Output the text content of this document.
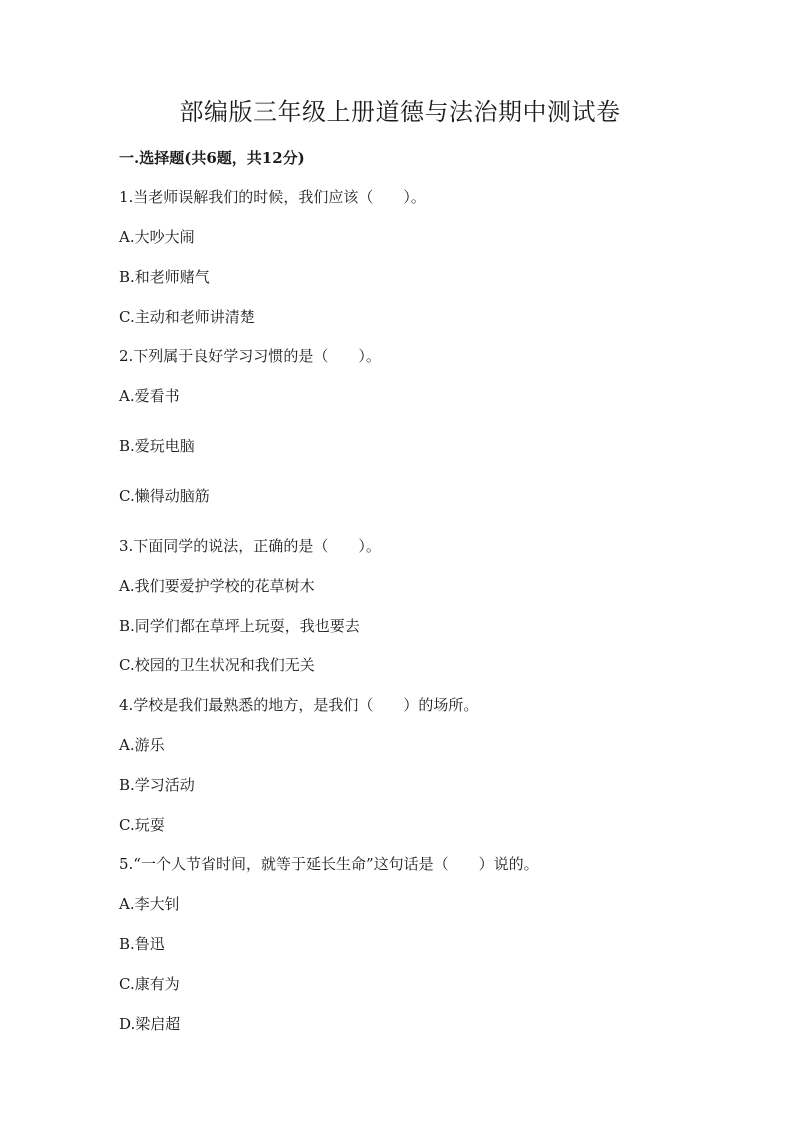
部编版三年级上册道德与法治期中测试卷
一.选择题(共6题，共12分)
1.当老师误解我们的时候，我们应该（　　）。
A.大吵大闹
B.和老师赌气
C.主动和老师讲清楚
2.下列属于良好学习习惯的是（　　）。
A.爱看书
B.爱玩电脑
C.懒得动脑筋
3.下面同学的说法，正确的是（　　）。
A.我们要爱护学校的花草树木
B.同学们都在草坪上玩耍，我也要去
C.校园的卫生状况和我们无关
4.学校是我们最熟悉的地方，是我们（　　）的场所。
A.游乐
B.学习活动
C.玩耍
5.“一个人节省时间，就等于延长生命”这句话是（　　）说的。
A.李大钊
B.鲁迅
C.康有为
D.梁启超
